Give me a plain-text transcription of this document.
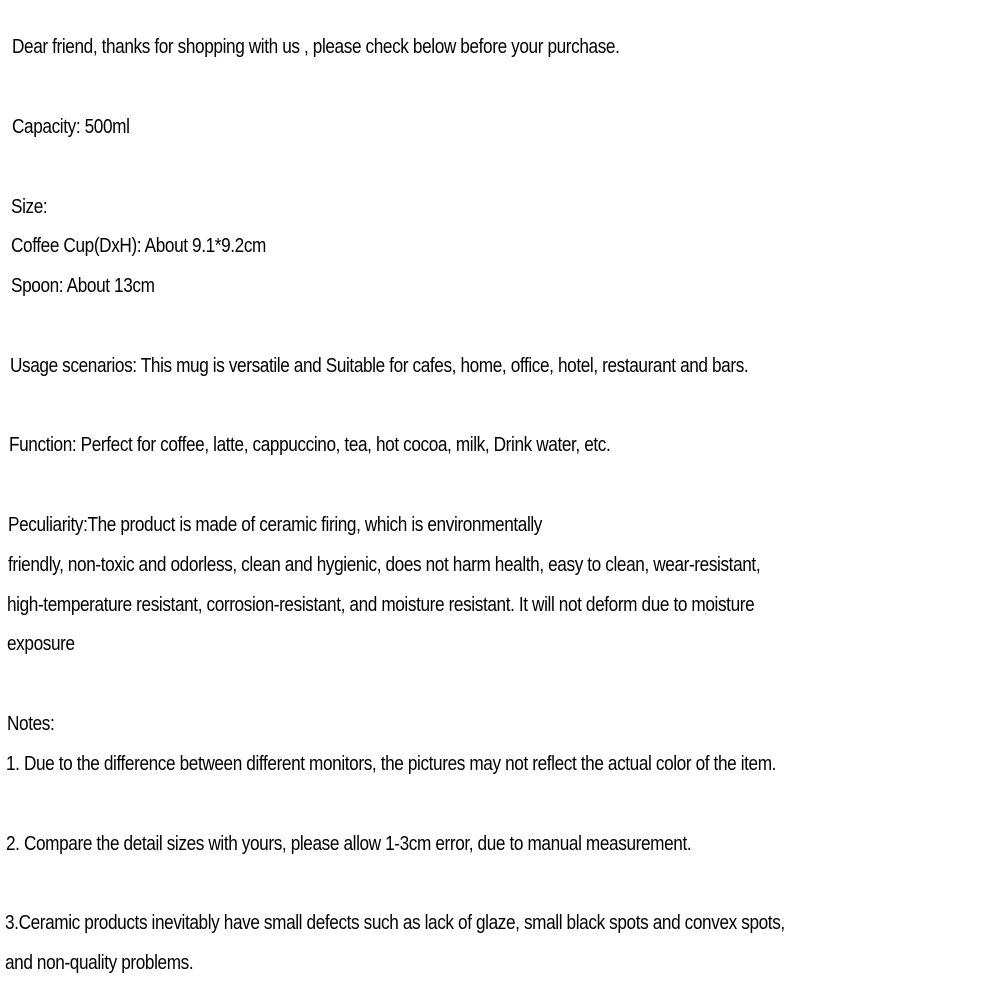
Dear friend, thanks for shopping with us , please check below before your purchase.

Capacity: 500ml

Size:

Coffee Cup(DxH): About 9.1*9.2cm

Spoon: About 13cm

Usage scenarios: This mug is versatile and Suitable for cafes, home, office, hotel, restaurant and bars.

Function: Perfect for coffee, latte, cappuccino, tea, hot cocoa, milk, Drink water, etc.

Peculiarity:The product is made of ceramic firing, which is environmentally

friendly, non-toxic and odorless, clean and hygienic, does not harm health, easy to clean, wear-resistant,

high-temperature resistant, corrosion-resistant, and moisture resistant. It will not deform due to moisture

exposure

Notes:

1. Due to the difference between different monitors, the pictures may not reflect the actual color of the item.

2. Compare the detail sizes with yours, please allow 1-3cm error, due to manual measurement.

3.Ceramic products inevitably have small defects such as lack of glaze, small black spots and convex spots,

and non-quality problems.
